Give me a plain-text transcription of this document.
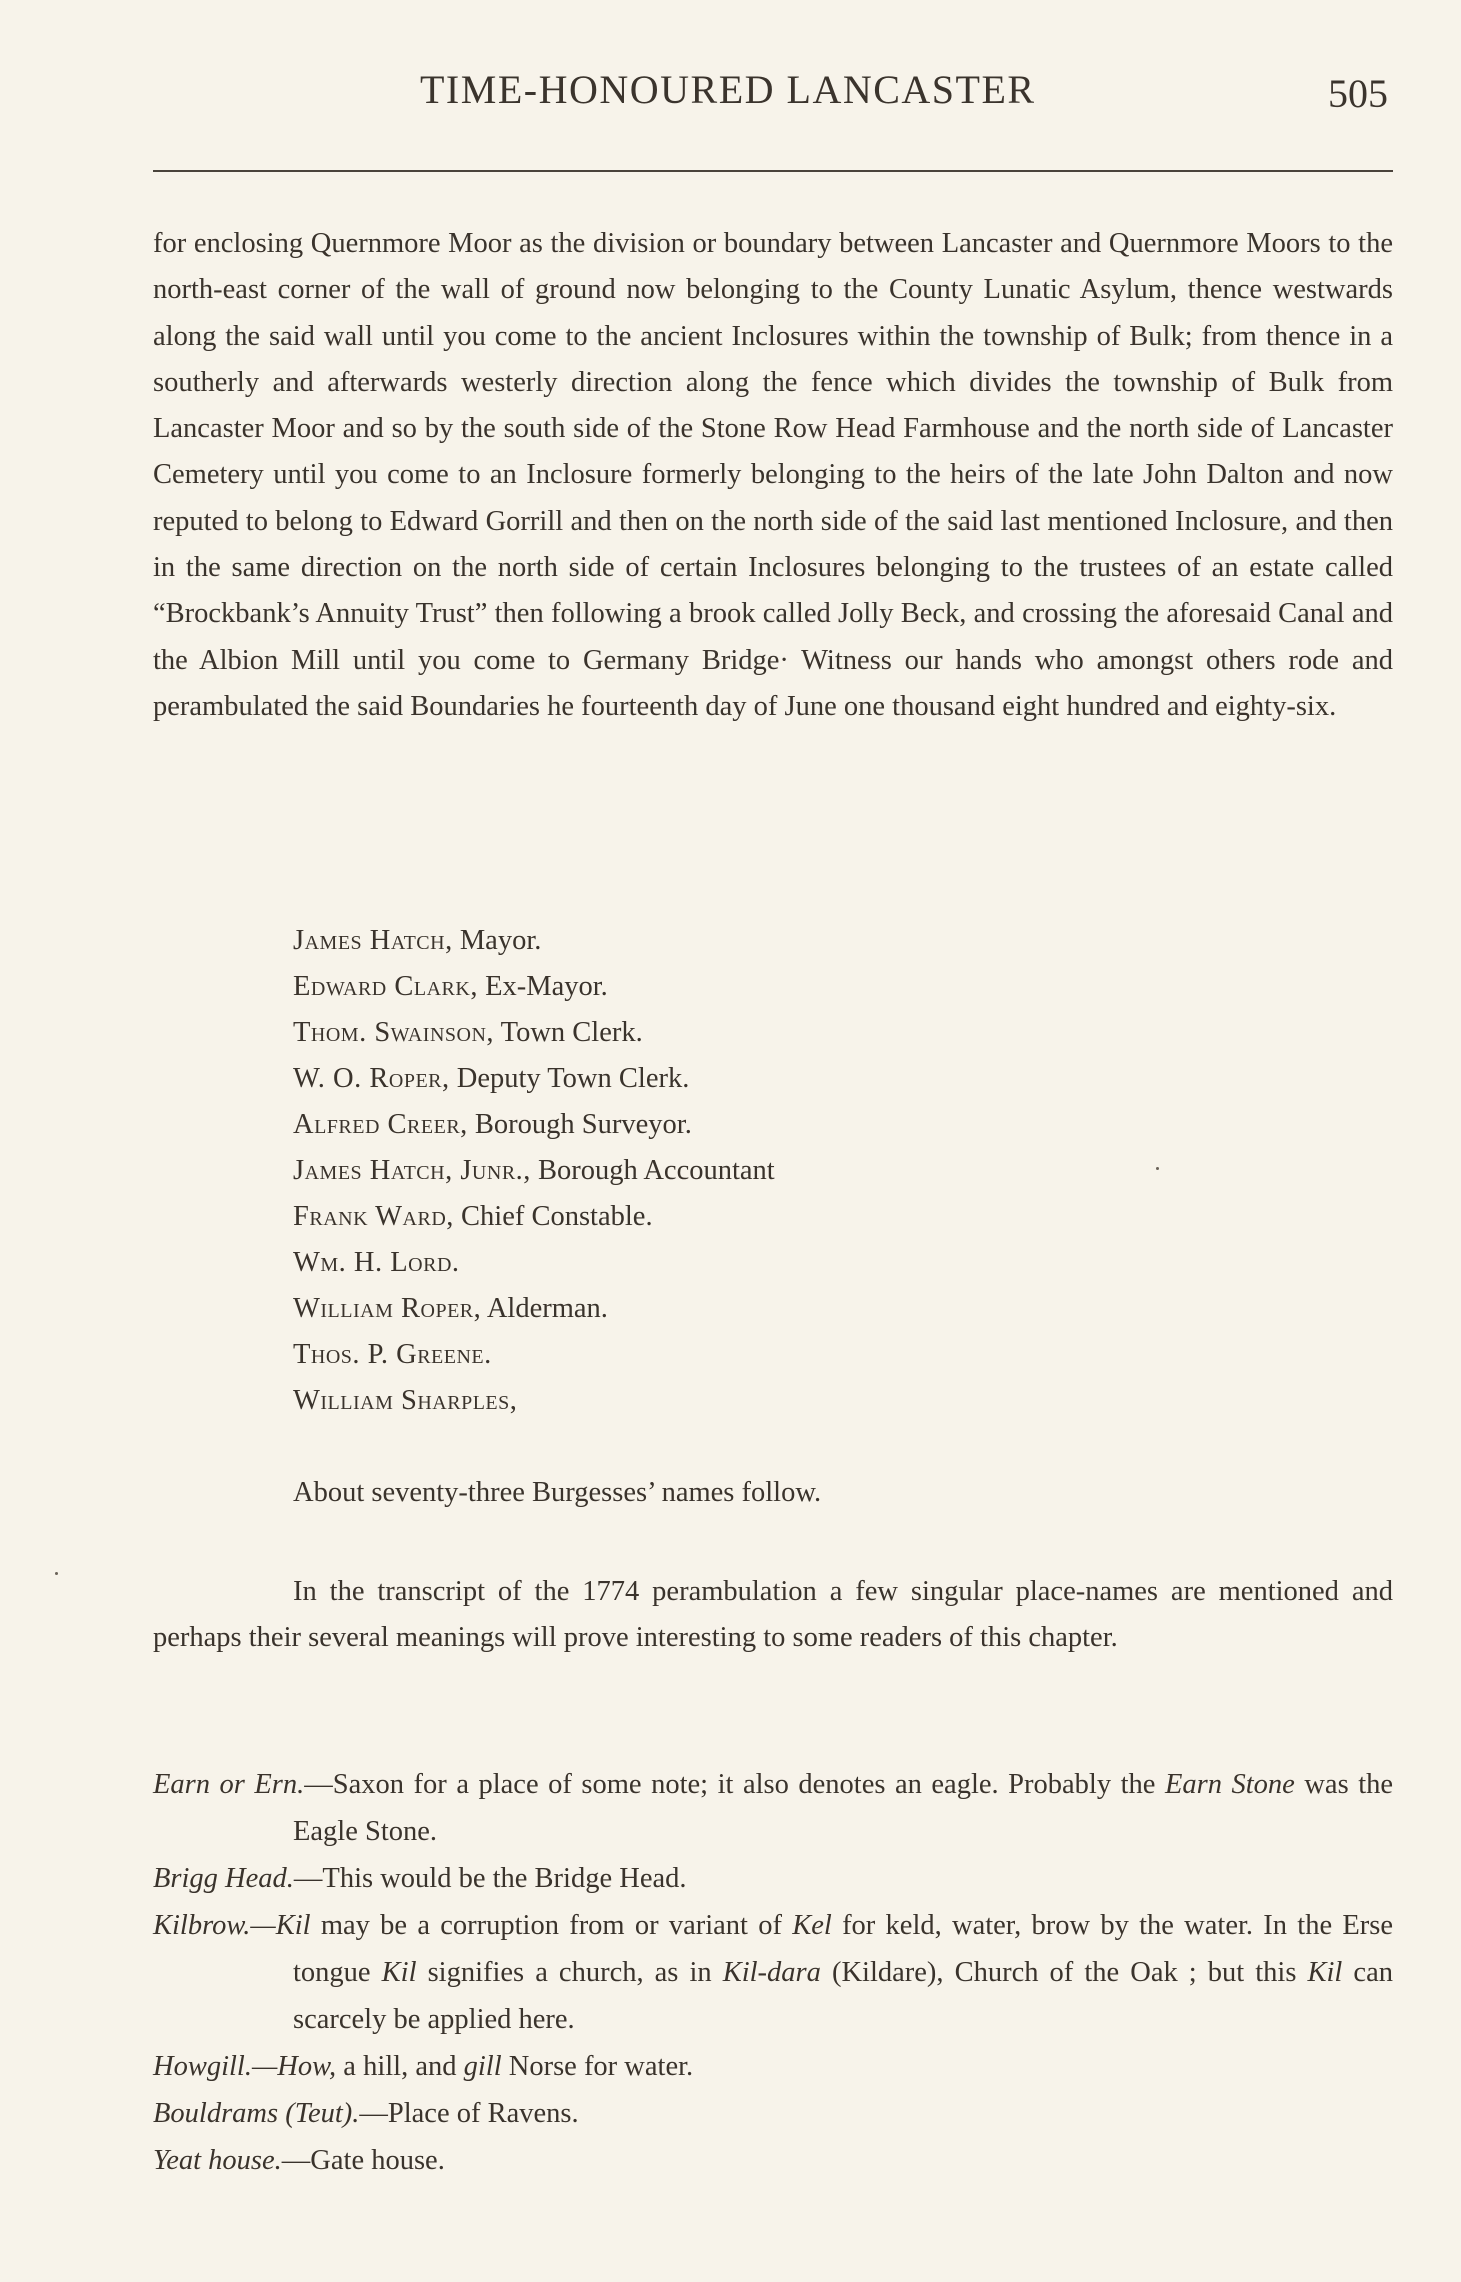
TIME-HONOURED LANCASTER	505

for enclosing Quernmore Moor as the division or boundary between Lancaster and Quernmore Moors to the north-east corner of the wall of ground now belonging to the County Lunatic Asylum, thence westwards along the said wall until you come to the ancient Inclosures within the township of Bulk; from thence in a southerly and afterwards westerly direction along the fence which divides the township of Bulk from Lancaster Moor and so by the south side of the Stone Row Head Farmhouse and the north side of Lancaster Cemetery until you come to an Inclosure formerly belonging to the heirs of the late John Dalton and now reputed to belong to Edward Gorrill and then on the north side of the said last mentioned Inclosure, and then in the same direction on the north side of certain Inclosures belonging to the trustees of an estate called “Brockbank’s Annuity Trust” then following a brook called Jolly Beck, and crossing the aforesaid Canal and the Albion Mill until you come to Germany Bridge· Witness our hands who amongst others rode and perambulated the said Boundaries he fourteenth day of June one thousand eight hundred and eighty-six.

James Hatch, Mayor.
Edward Clark, Ex-Mayor.
Thom. Swainson, Town Clerk.
W. O. Roper, Deputy Town Clerk.
Alfred Creer, Borough Surveyor.
James Hatch, Junr., Borough Accountant
Frank Ward, Chief Constable.
Wm. H. Lord.
William Roper, Alderman.
Thos. P. Greene.
William Sharples,

About seventy-three Burgesses’ names follow.

In the transcript of the 1774 perambulation a few singular place-names are mentioned and perhaps their several meanings will prove interesting to some readers of this chapter.

Earn or Ern.—Saxon for a place of some note; it also denotes an eagle. Probably the Earn Stone was the Eagle Stone.
Brigg Head.—This would be the Bridge Head.
Kilbrow.—Kil may be a corruption from or variant of Kel for keld, water, brow by the water. In the Erse tongue Kil signifies a church, as in Kil-dara (Kildare), Church of the Oak ; but this Kil can scarcely be applied here.
Howgill.—How, a hill, and gill Norse for water.
Bouldrams (Teut).—Place of Ravens.
Yeat house.—Gate house.
